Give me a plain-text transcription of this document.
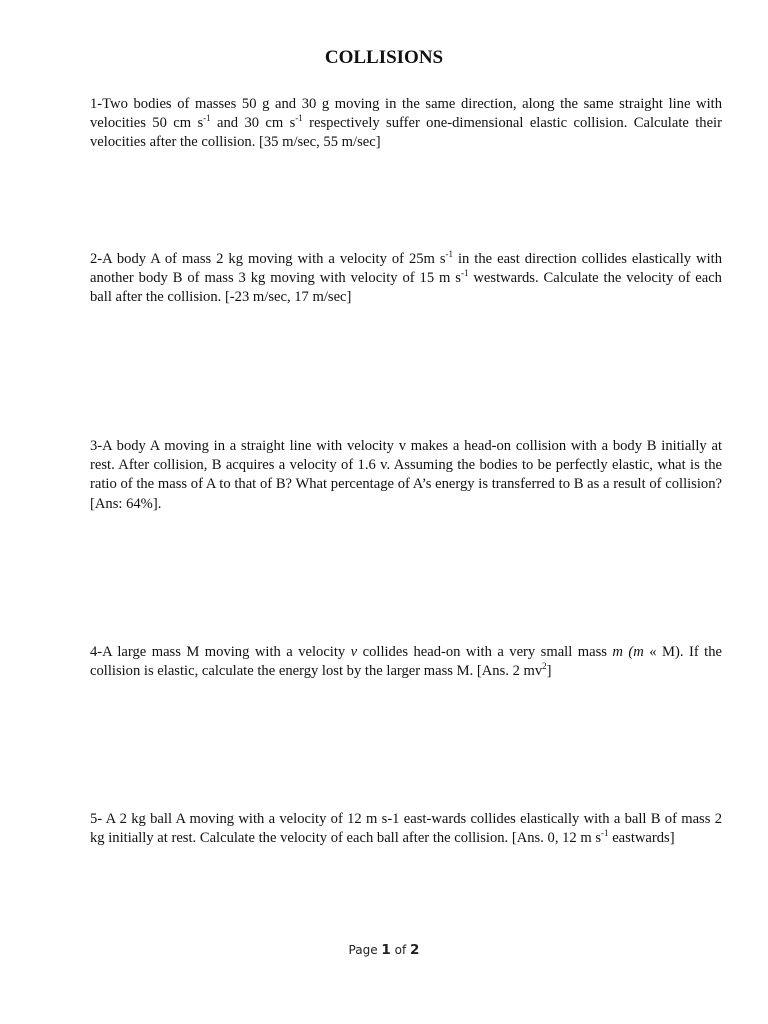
COLLISIONS

1-Two bodies of masses 50 g and 30 g moving in the same direction, along the same straight line with velocities 50 cm $s^{-1}$ and 30 cm $s^{-1}$ respectively suffer one-dimensional elastic collision. Calculate their velocities after the collision. [35 m/sec, 55 m/sec]

2-A body A of mass 2 kg moving with a velocity of 25m $s^{-1}$ in the east direction collides elastically with another body B of mass 3 kg moving with velocity of 15 m $s^{-1}$ westwards. Calculate the velocity of each ball after the collision. [-23 m/sec, 17 m/sec]

3-A body A moving in a straight line with velocity v makes a head-on collision with a body B initially at rest. After collision, B acquires a velocity of 1.6 v. Assuming the bodies to be perfectly elastic, what is the ratio of the mass of A to that of B? What percentage of A’s energy is transferred to B as a result of collision? [Ans: 64%].

4-A large mass M moving with a velocity v collides head-on with a very small mass m (m « M). If the collision is elastic, calculate the energy lost by the larger mass M. [Ans. 2 $mv^2$]

5- A 2 kg ball A moving with a velocity of 12 m s-1 east-wards collides elastically with a ball B of mass 2 kg initially at rest. Calculate the velocity of each ball after the collision. [Ans. 0, 12 m $s^{-1}$ eastwards]

Page 1 of 2
